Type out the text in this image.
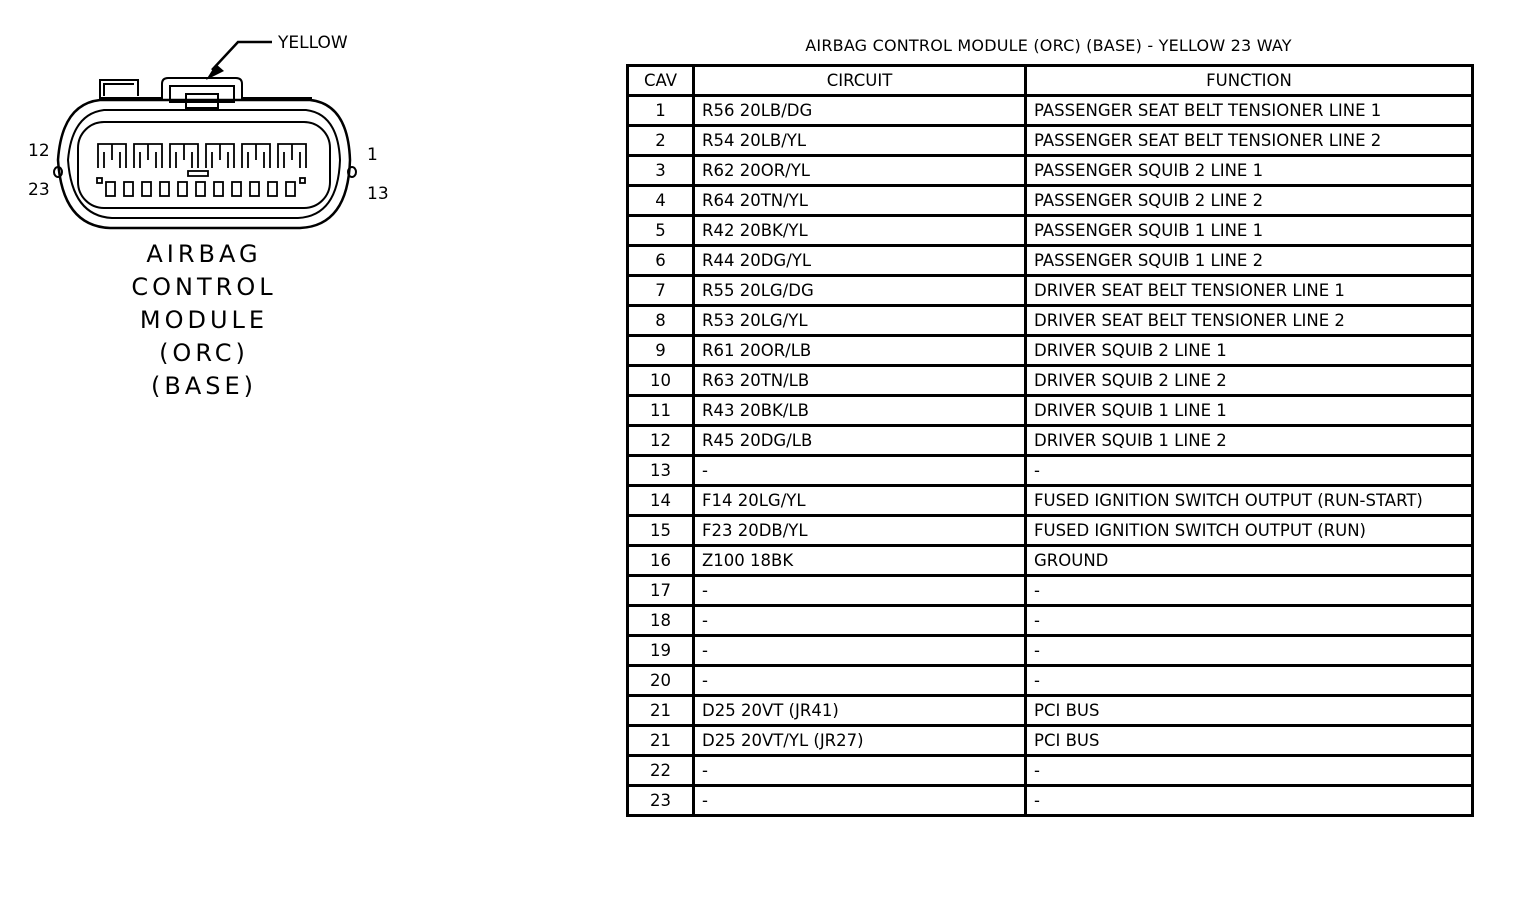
YELLOW
12
23
1
13
AIRBAG
CONTROL
MODULE
(ORC)
(BASE)
AIRBAG CONTROL MODULE (ORC) (BASE) - YELLOW 23 WAY
CAV	CIRCUIT	FUNCTION
1	R56 20LB/DG	PASSENGER SEAT BELT TENSIONER LINE 1
2	R54 20LB/YL	PASSENGER SEAT BELT TENSIONER LINE 2
3	R62 20OR/YL	PASSENGER SQUIB 2 LINE 1
4	R64 20TN/YL	PASSENGER SQUIB 2 LINE 2
5	R42 20BK/YL	PASSENGER SQUIB 1 LINE 1
6	R44 20DG/YL	PASSENGER SQUIB 1 LINE 2
7	R55 20LG/DG	DRIVER SEAT BELT TENSIONER LINE 1
8	R53 20LG/YL	DRIVER SEAT BELT TENSIONER LINE 2
9	R61 20OR/LB	DRIVER SQUIB 2 LINE 1
10	R63 20TN/LB	DRIVER SQUIB 2 LINE 2
11	R43 20BK/LB	DRIVER SQUIB 1 LINE 1
12	R45 20DG/LB	DRIVER SQUIB 1 LINE 2
13	-	-
14	F14 20LG/YL	FUSED IGNITION SWITCH OUTPUT (RUN-START)
15	F23 20DB/YL	FUSED IGNITION SWITCH OUTPUT (RUN)
16	Z100 18BK	GROUND
17	-	-
18	-	-
19	-	-
20	-	-
21	D25 20VT (JR41)	PCI BUS
21	D25 20VT/YL (JR27)	PCI BUS
22	-	-
23	-	-
